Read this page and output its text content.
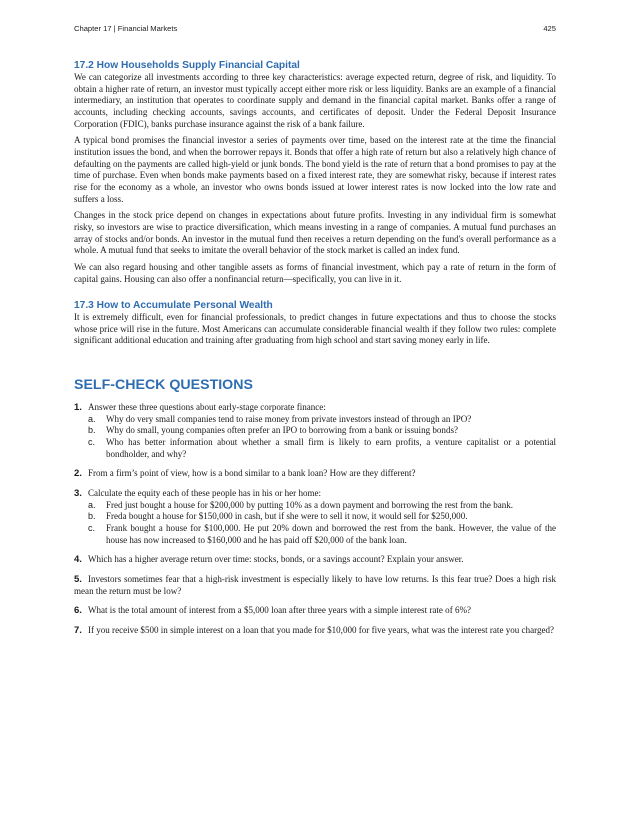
Chapter 17 | Financial Markets	425
17.2 How Households Supply Financial Capital

We can categorize all investments according to three key characteristics: average expected return, degree of risk, and liquidity. To obtain a higher rate of return, an investor must typically accept either more risk or less liquidity. Banks are an example of a financial intermediary, an institution that operates to coordinate supply and demand in the financial capital market. Banks offer a range of accounts, including checking accounts, savings accounts, and certificates of deposit. Under the Federal Deposit Insurance Corporation (FDIC), banks purchase insurance against the risk of a bank failure.

A typical bond promises the financial investor a series of payments over time, based on the interest rate at the time the financial institution issues the bond, and when the borrower repays it. Bonds that offer a high rate of return but also a relatively high chance of defaulting on the payments are called high-yield or junk bonds. The bond yield is the rate of return that a bond promises to pay at the time of purchase. Even when bonds make payments based on a fixed interest rate, they are somewhat risky, because if interest rates rise for the economy as a whole, an investor who owns bonds issued at lower interest rates is now locked into the low rate and suffers a loss.

Changes in the stock price depend on changes in expectations about future profits. Investing in any individual firm is somewhat risky, so investors are wise to practice diversification, which means investing in a range of companies. A mutual fund purchases an array of stocks and/or bonds. An investor in the mutual fund then receives a return depending on the fund's overall performance as a whole. A mutual fund that seeks to imitate the overall behavior of the stock market is called an index fund.

We can also regard housing and other tangible assets as forms of financial investment, which pay a rate of return in the form of capital gains. Housing can also offer a nonfinancial return—specifically, you can live in it.

17.3 How to Accumulate Personal Wealth

It is extremely difficult, even for financial professionals, to predict changes in future expectations and thus to choose the stocks whose price will rise in the future. Most Americans can accumulate considerable financial wealth if they follow two rules: complete significant additional education and training after graduating from high school and start saving money early in life.

SELF-CHECK QUESTIONS
1. Answer these three questions about early-stage corporate finance:
a. Why do very small companies tend to raise money from private investors instead of through an IPO?
b. Why do small, young companies often prefer an IPO to borrowing from a bank or issuing bonds?
c. Who has better information about whether a small firm is likely to earn profits, a venture capitalist or a potential bondholder, and why?
2. From a firm’s point of view, how is a bond similar to a bank loan? How are they different?
3. Calculate the equity each of these people has in his or her home:
a. Fred just bought a house for $200,000 by putting 10% as a down payment and borrowing the rest from the bank.
b. Freda bought a house for $150,000 in cash, but if she were to sell it now, it would sell for $250,000.
c. Frank bought a house for $100,000. He put 20% down and borrowed the rest from the bank. However, the value of the house has now increased to $160,000 and he has paid off $20,000 of the bank loan.
4. Which has a higher average return over time: stocks, bonds, or a savings account? Explain your answer.
5. Investors sometimes fear that a high-risk investment is especially likely to have low returns. Is this fear true? Does a high risk mean the return must be low?
6. What is the total amount of interest from a $5,000 loan after three years with a simple interest rate of 6%?
7. If you receive $500 in simple interest on a loan that you made for $10,000 for five years, what was the interest rate you charged?
